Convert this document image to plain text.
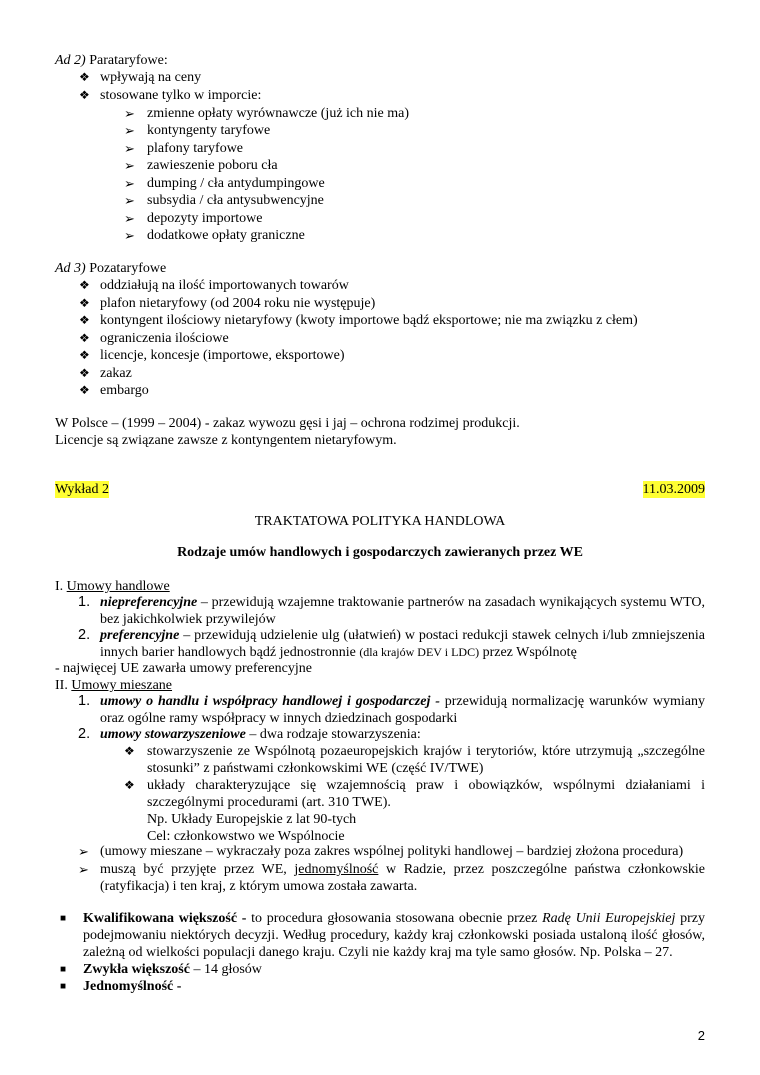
Ad 2) Parataryfowe:
❖ wpływają na ceny
❖ stosowane tylko w imporcie:
➢ zmienne opłaty wyrównawcze (już ich nie ma)
➢ kontyngenty taryfowe
➢ plafony taryfowe
➢ zawieszenie poboru cła
➢ dumping / cła antydumpingowe
➢ subsydia / cła antysubwencyjne
➢ depozyty importowe
➢ dodatkowe opłaty graniczne
Ad 3) Pozataryfowe
❖ oddziałują na ilość importowanych towarów
❖ plafon nietaryfowy (od 2004 roku nie występuje)
❖ kontyngent ilościowy nietaryfowy (kwoty importowe bądź eksportowe; nie ma związku z cłem)
❖ ograniczenia ilościowe
❖ licencje, koncesje (importowe, eksportowe)
❖ zakaz
❖ embargo
W Polsce – (1999 – 2004) - zakaz wywozu gęsi i jaj – ochrona rodzimej produkcji.
Licencje są związane zawsze z kontyngentem nietaryfowym.
Wykład 2	11.03.2009
TRAKTATOWA POLITYKA HANDLOWA
Rodzaje umów handlowych i gospodarczych zawieranych przez WE
I. Umowy handlowe
1. niepreferencyjne – przewidują wzajemne traktowanie partnerów na zasadach wynikających systemu WTO,
bez jakichkolwiek przywilejów
2. preferencyjne – przewidują udzielenie ulg (ułatwień) w postaci redukcji stawek celnych i/lub zmniejszenia
innych barier handlowych bądź jednostronnie (dla krajów DEV i LDC) przez Wspólnotę
- najwięcej UE zawarła umowy preferencyjne
II. Umowy mieszane
1. umowy o handlu i współpracy handlowej i gospodarczej - przewidują normalizację warunków wymiany
oraz ogólne ramy współpracy w innych dziedzinach gospodarki
2. umowy stowarzyszeniowe – dwa rodzaje stowarzyszenia:
❖ stowarzyszenie ze Wspólnotą pozaeuropejskich krajów i terytoriów, które utrzymują „szczególne
stosunki” z państwami członkowskimi WE (część IV/TWE)
❖ układy charakteryzujące się wzajemnością praw i obowiązków, wspólnymi działaniami i
szczególnymi procedurami (art. 310 TWE).
Np. Układy Europejskie z lat 90-tych
Cel: członkowstwo we Wspólnocie
➢ (umowy mieszane – wykraczały poza zakres wspólnej polityki handlowej – bardziej złożona procedura)
➢ muszą być przyjęte przez WE, jednomyślność w Radzie, przez poszczególne państwa członkowskie
(ratyfikacja) i ten kraj, z którym umowa została zawarta.
■ Kwalifikowana większość - to procedura głosowania stosowana obecnie przez Radę Unii Europejskiej przy
podejmowaniu niektórych decyzji. Według procedury, każdy kraj członkowski posiada ustaloną ilość głosów,
zależną od wielkości populacji danego kraju. Czyli nie każdy kraj ma tyle samo głosów. Np. Polska – 27.
■ Zwykła większość – 14 głosów
■ Jednomyślność -
2
